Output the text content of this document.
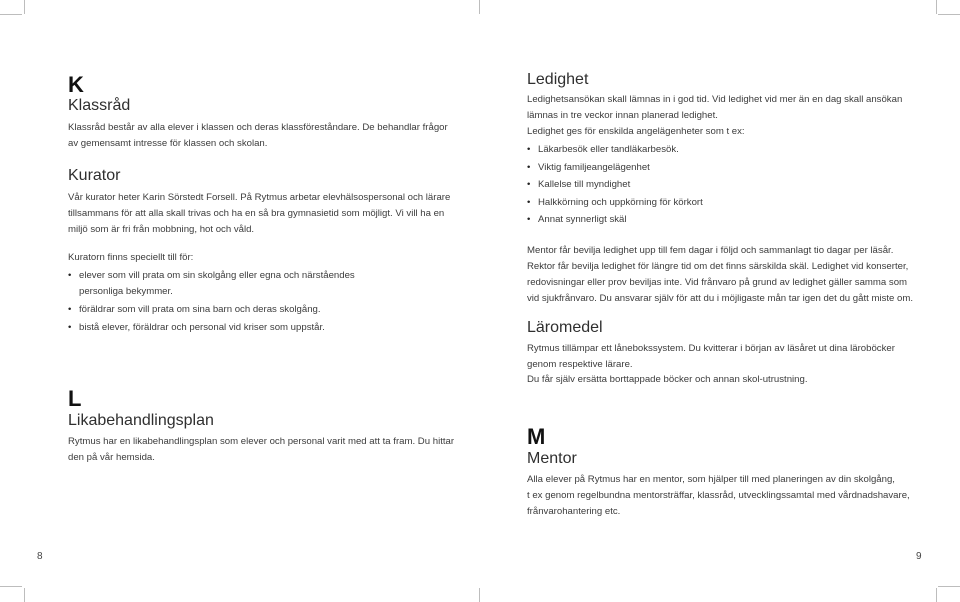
K
Klassråd
Klassråd består av alla elever i klassen och deras klassföreståndare. De behandlar frågor
av gemensamt intresse för klassen och skolan.
Kurator
Vår kurator heter Karin Sörstedt Forsell. På Rytmus arbetar elevhälsospersonal och lärare
tillsammans för att alla skall trivas och ha en så bra gymnasietid som möjligt. Vi vill ha en
miljö som är fri från mobbning, hot och våld.
Kuratorn finns speciellt till för:
• elever som vill prata om sin skolgång eller egna och närståendes
personliga bekymmer.
• föräldrar som vill prata om sina barn och deras skolgång.
• bistå elever, föräldrar och personal vid kriser som uppstår.
L
Likabehandlingsplan
Rytmus har en likabehandlingsplan som elever och personal varit med att ta fram. Du hittar
den på vår hemsida.
8
Ledighet
Ledighetsansökan skall lämnas in i god tid. Vid ledighet vid mer än en dag skall ansökan
lämnas in tre veckor innan planerad ledighet.
Ledighet ges för enskilda angelägenheter som t ex:
• Läkarbesök eller tandläkarbesök.
• Viktig familjeangelägenhet
• Kallelse till myndighet
• Halkkörning och uppkörning för körkort
• Annat synnerligt skäl
Mentor får bevilja ledighet upp till fem dagar i följd och sammanlagt tio dagar per läsår.
Rektor får bevilja ledighet för längre tid om det finns särskilda skäl. Ledighet vid konserter,
redovisningar eller prov beviljas inte. Vid frånvaro på grund av ledighet gäller samma som
vid sjukfrånvaro. Du ansvarar själv för att du i möjligaste mån tar igen det du gått miste om.
Läromedel
Rytmus tillämpar ett lånebokssystem. Du kvitterar i början av läsåret ut dina läroböcker
genom respektive lärare.
Du får själv ersätta borttappade böcker och annan skol-utrustning.
M
Mentor
Alla elever på Rytmus har en mentor, som hjälper till med planeringen av din skolgång,
t ex genom regelbundna mentorsträffar, klassråd, utvecklingssamtal med vårdnadshavare,
frånvarohantering etc.
9
